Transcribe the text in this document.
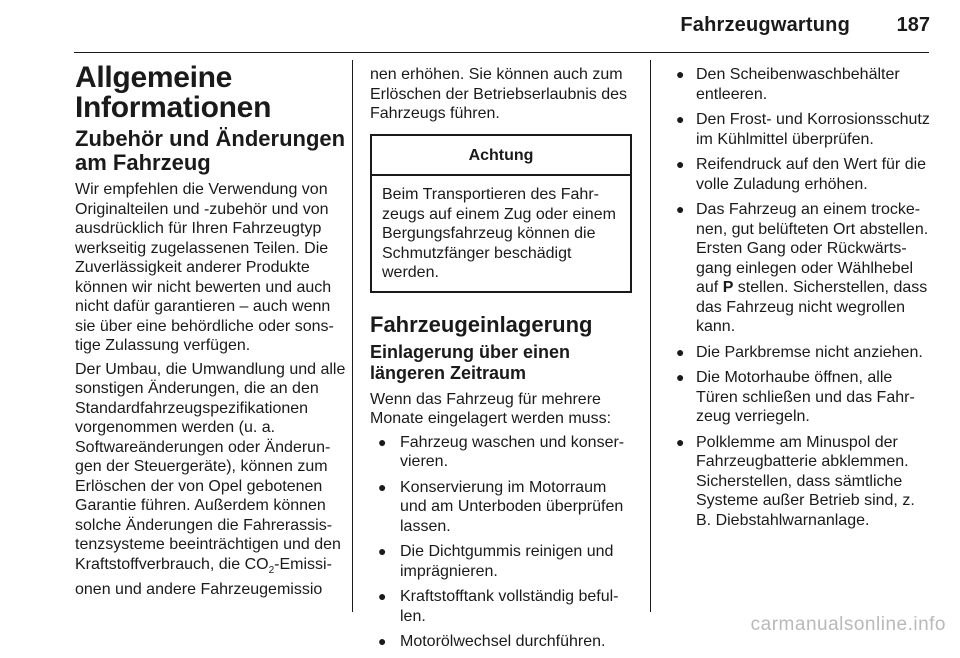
Fahrzeugwartung 187
Allgemeine Informationen
Zubehör und Änderungen am Fahrzeug

Wir empfehlen die Verwendung von Originalteilen und -zubehör und von ausdrücklich für Ihren Fahrzeugtyp werkseitig zugelassenen Teilen. Die Zuverlässigkeit anderer Produkte können wir nicht bewerten und auch nicht dafür garantieren – auch wenn sie über eine behördliche oder sonstige Zulassung verfügen.

Der Umbau, die Umwandlung und alle sonstigen Änderungen, die an den Standardfahrzeugspezifikationen vorgenommen werden (u. a. Softwareänderungen oder Änderungen der Steuergeräte), können zum Erlöschen der von Opel gebotenen Garantie führen. Außerdem können solche Änderungen die Fahrerassistenzsysteme beeinträchtigen und den Kraftstoffverbrauch, die $CO_2$-Emissionen und andere Fahrzeugemissio

nen erhöhen. Sie können auch zum Erlöschen der Betriebserlaubnis des Fahrzeugs führen.

Achtung
Beim Transportieren des Fahrzeugs auf einem Zug oder einem Bergungsfahrzeug können die Schmutzfänger beschädigt werden.
Fahrzeugeinlagerung
Einlagerung über einen längeren Zeitraum

Wenn das Fahrzeug für mehrere Monate eingelagert werden muss:

● Fahrzeug waschen und konservieren.
● Konservierung im Motorraum und am Unterboden überprüfen lassen.
● Die Dichtgummis reinigen und imprägnieren.
● Kraftstofftank vollständig befullen.
● Motorölwechsel durchführen.
● Den Scheibenwaschbehälter entleeren.
● Den Frost- und Korrosionsschutz im Kühlmittel überprüfen.
● Reifendruck auf den Wert für die volle Zuladung erhöhen.
● Das Fahrzeug an einem trockenen, gut belüfteten Ort abstellen. Ersten Gang oder Rückwärtsgang einlegen oder Wählhebel auf P stellen. Sicherstellen, dass das Fahrzeug nicht wegrollen kann.
● Die Parkbremse nicht anziehen.
● Die Motorhaube öffnen, alle Türen schließen und das Fahrzeug verriegeln.
● Polklemme am Minuspol der Fahrzeugbatterie abklemmen. Sicherstellen, dass sämtliche Systeme außer Betrieb sind, z. B. Diebstahlwarnanlage.
carmanualsonline.info
